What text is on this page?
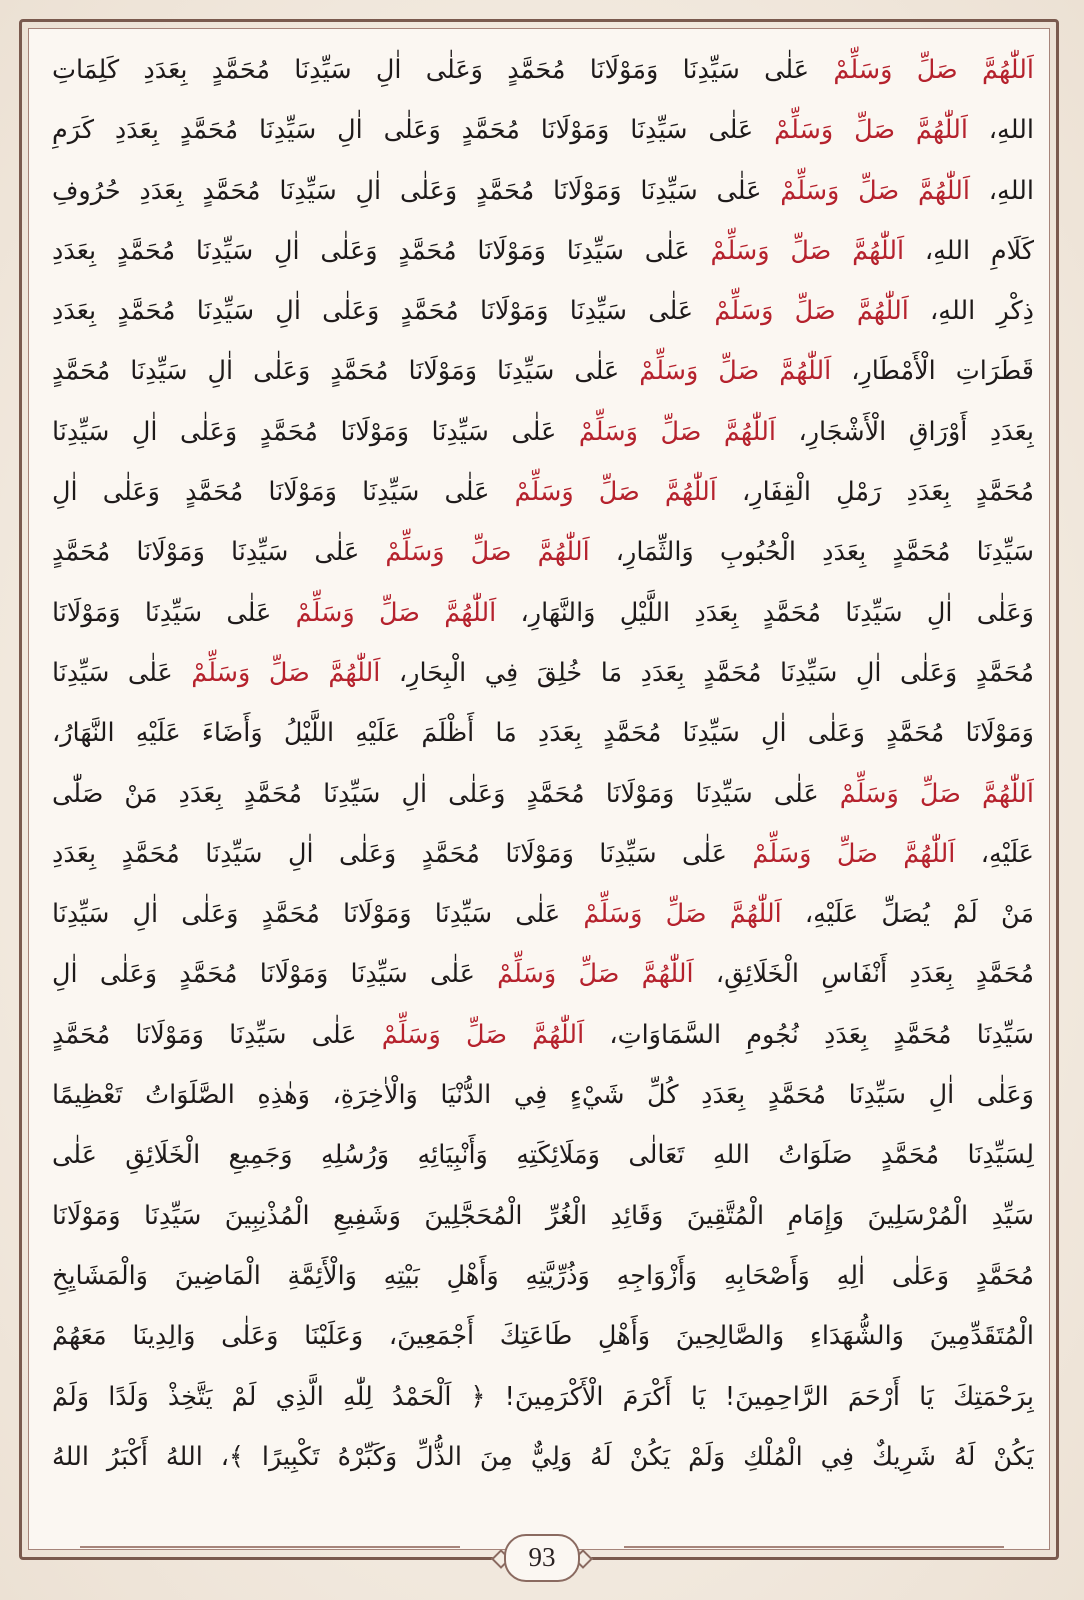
اَللّٰهُمَّ صَلِّ وَسَلِّمْ عَلٰى سَيِّدِنَا وَمَوْلَانَا مُحَمَّدٍ وَعَلٰى اٰلِ سَيِّدِنَا مُحَمَّدٍ بِعَدَدِ كَلِمَاتِ
اللهِ، اَللّٰهُمَّ صَلِّ وَسَلِّمْ عَلٰى سَيِّدِنَا وَمَوْلَانَا مُحَمَّدٍ وَعَلٰى اٰلِ سَيِّدِنَا مُحَمَّدٍ بِعَدَدِ كَرَمِ
اللهِ، اَللّٰهُمَّ صَلِّ وَسَلِّمْ عَلٰى سَيِّدِنَا وَمَوْلَانَا مُحَمَّدٍ وَعَلٰى اٰلِ سَيِّدِنَا مُحَمَّدٍ بِعَدَدِ حُرُوفِ
كَلَامِ اللهِ، اَللّٰهُمَّ صَلِّ وَسَلِّمْ عَلٰى سَيِّدِنَا وَمَوْلَانَا مُحَمَّدٍ وَعَلٰى اٰلِ سَيِّدِنَا مُحَمَّدٍ بِعَدَدِ
ذِكْرِ اللهِ، اَللّٰهُمَّ صَلِّ وَسَلِّمْ عَلٰى سَيِّدِنَا وَمَوْلَانَا مُحَمَّدٍ وَعَلٰى اٰلِ سَيِّدِنَا مُحَمَّدٍ بِعَدَدِ
قَطَرَاتِ الْأَمْطَارِ، اَللّٰهُمَّ صَلِّ وَسَلِّمْ عَلٰى سَيِّدِنَا وَمَوْلَانَا مُحَمَّدٍ وَعَلٰى اٰلِ سَيِّدِنَا مُحَمَّدٍ
بِعَدَدِ أَوْرَاقِ الْأَشْجَارِ، اَللّٰهُمَّ صَلِّ وَسَلِّمْ عَلٰى سَيِّدِنَا وَمَوْلَانَا مُحَمَّدٍ وَعَلٰى اٰلِ سَيِّدِنَا
مُحَمَّدٍ بِعَدَدِ رَمْلِ الْقِفَارِ، اَللّٰهُمَّ صَلِّ وَسَلِّمْ عَلٰى سَيِّدِنَا وَمَوْلَانَا مُحَمَّدٍ وَعَلٰى اٰلِ
سَيِّدِنَا مُحَمَّدٍ بِعَدَدِ الْحُبُوبِ وَالثِّمَارِ، اَللّٰهُمَّ صَلِّ وَسَلِّمْ عَلٰى سَيِّدِنَا وَمَوْلَانَا مُحَمَّدٍ
وَعَلٰى اٰلِ سَيِّدِنَا مُحَمَّدٍ بِعَدَدِ اللَّيْلِ وَالنَّهَارِ، اَللّٰهُمَّ صَلِّ وَسَلِّمْ عَلٰى سَيِّدِنَا وَمَوْلَانَا
مُحَمَّدٍ وَعَلٰى اٰلِ سَيِّدِنَا مُحَمَّدٍ بِعَدَدِ مَا خُلِقَ فِي الْبِحَارِ، اَللّٰهُمَّ صَلِّ وَسَلِّمْ عَلٰى سَيِّدِنَا
وَمَوْلَانَا مُحَمَّدٍ وَعَلٰى اٰلِ سَيِّدِنَا مُحَمَّدٍ بِعَدَدِ مَا أَظْلَمَ عَلَيْهِ اللَّيْلُ وَأَضَاءَ عَلَيْهِ النَّهَارُ،
اَللّٰهُمَّ صَلِّ وَسَلِّمْ عَلٰى سَيِّدِنَا وَمَوْلَانَا مُحَمَّدٍ وَعَلٰى اٰلِ سَيِّدِنَا مُحَمَّدٍ بِعَدَدِ مَنْ صَلّٰى
عَلَيْهِ، اَللّٰهُمَّ صَلِّ وَسَلِّمْ عَلٰى سَيِّدِنَا وَمَوْلَانَا مُحَمَّدٍ وَعَلٰى اٰلِ سَيِّدِنَا مُحَمَّدٍ بِعَدَدِ
مَنْ لَمْ يُصَلِّ عَلَيْهِ، اَللّٰهُمَّ صَلِّ وَسَلِّمْ عَلٰى سَيِّدِنَا وَمَوْلَانَا مُحَمَّدٍ وَعَلٰى اٰلِ سَيِّدِنَا
مُحَمَّدٍ بِعَدَدِ أَنْفَاسِ الْخَلَائِقِ، اَللّٰهُمَّ صَلِّ وَسَلِّمْ عَلٰى سَيِّدِنَا وَمَوْلَانَا مُحَمَّدٍ وَعَلٰى اٰلِ
سَيِّدِنَا مُحَمَّدٍ بِعَدَدِ نُجُومِ السَّمَاوَاتِ، اَللّٰهُمَّ صَلِّ وَسَلِّمْ عَلٰى سَيِّدِنَا وَمَوْلَانَا مُحَمَّدٍ
وَعَلٰى اٰلِ سَيِّدِنَا مُحَمَّدٍ بِعَدَدِ كُلِّ شَيْءٍ فِي الدُّنْيَا وَالْاٰخِرَةِ، وَهٰذِهِ الصَّلَوَاتُ تَعْظِيمًا
لِسَيِّدِنَا مُحَمَّدٍ صَلَوَاتُ اللهِ تَعَالٰى وَمَلَائِكَتِهِ وَأَنْبِيَائِهِ وَرُسُلِهِ وَجَمِيعِ الْخَلَائِقِ عَلٰى
سَيِّدِ الْمُرْسَلِينَ وَإِمَامِ الْمُتَّقِينَ وَقَائِدِ الْغُرِّ الْمُحَجَّلِينَ وَشَفِيعِ الْمُذْنِبِينَ سَيِّدِنَا وَمَوْلَانَا
مُحَمَّدٍ وَعَلٰى اٰلِهِ وَأَصْحَابِهِ وَأَزْوَاجِهِ وَذُرِّيَّتِهِ وَأَهْلِ بَيْتِهِ وَالْأَئِمَّةِ الْمَاضِينَ وَالْمَشَايِخِ
الْمُتَقَدِّمِينَ وَالشُّهَدَاءِ وَالصَّالِحِينَ وَأَهْلِ طَاعَتِكَ أَجْمَعِينَ، وَعَلَيْنَا وَعَلٰى وَالِدِينَا مَعَهُمْ
بِرَحْمَتِكَ يَا أَرْحَمَ الرَّاحِمِينَ! يَا أَكْرَمَ الْأَكْرَمِينَ! ﴿ اَلْحَمْدُ لِلّٰهِ الَّذِي لَمْ يَتَّخِذْ وَلَدًا وَلَمْ
يَكُنْ لَهُ شَرِيكٌ فِي الْمُلْكِ وَلَمْ يَكُنْ لَهُ وَلِيٌّ مِنَ الذُّلِّ وَكَبِّرْهُ تَكْبِيرًا ﴾، اللهُ أَكْبَرُ اللهُ
93
